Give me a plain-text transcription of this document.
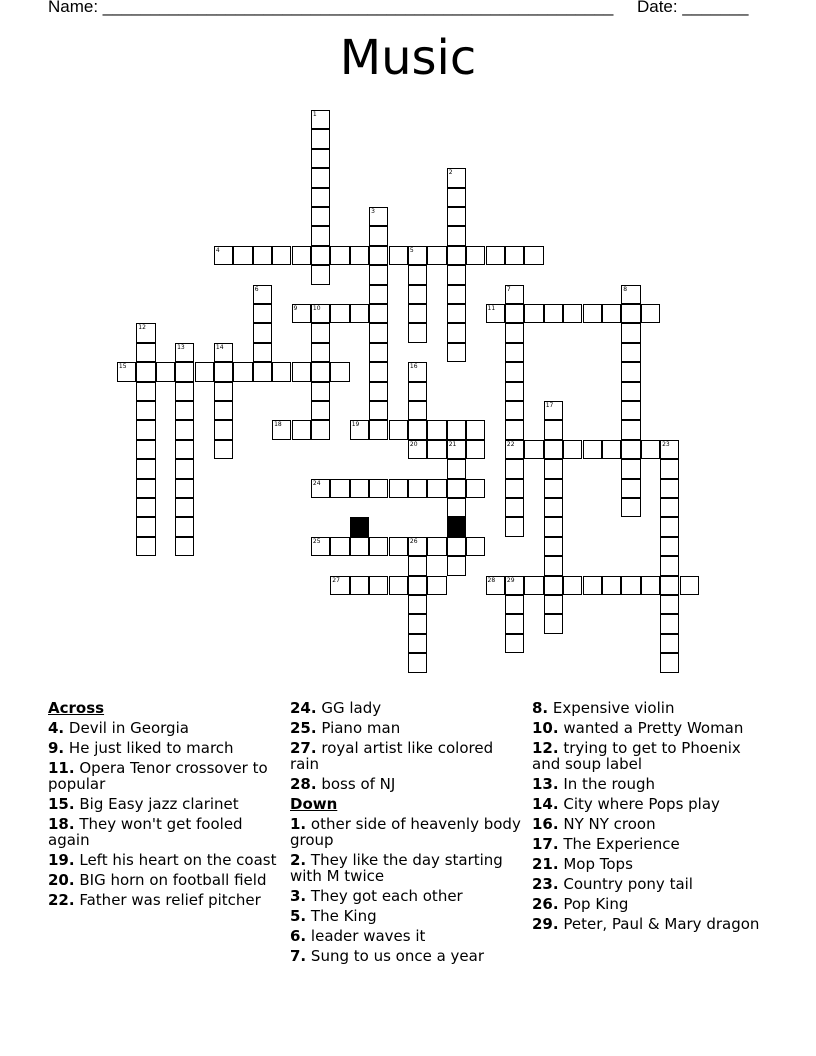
Name: ______________________________________________________ Date: _______
Music
1
2
3
4	5
6	7
22
8
9	10	11
12
13	14
15	16
20
17
18	19
21	23
24
25	26
27	28 29
Across
4. Devil in Georgia
9. He just liked to march
11. Opera Tenor crossover to popular
15. Big Easy jazz clarinet
18. They won't get fooled again
19. Left his heart on the coast
20. BIG horn on football field
22. Father was relief pitcher
24. GG lady
25. Piano man
27. royal artist like colored rain
28. boss of NJ
Down
1. other side of heavenly body group
2. They like the day starting with M twice
3. They got each other
5. The King
6. leader waves it
7. Sung to us once a year
8. Expensive violin
10. wanted a Pretty Woman
12. trying to get to Phoenix and soup label
13. In the rough
14. City where Pops play
16. NY NY croon
17. The Experience
21. Mop Tops
23. Country pony tail
26. Pop King
29. Peter, Paul & Mary dragon
